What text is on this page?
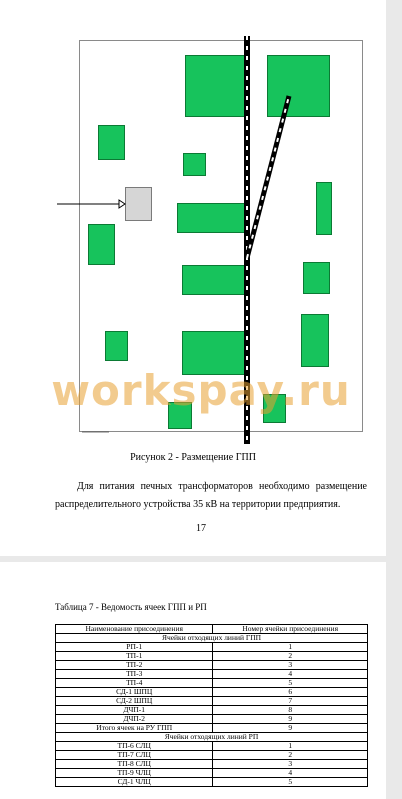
workspay.ru
Рисунок 2 - Размещение ГПП
Для питания печных трансформаторов необходимо размещение распределительного устройства 35 кВ на территории предприятия.
17
Таблица 7 - Ведомость ячеек ГПП и РП
Наименование присоединения	Номер ячейки присоединения
Ячейки отходящих линий ГПП	
РП-1	1
ТП-1	2
ТП-2	3
ТП-3	4
ТП-4	5
СД-1 ШПЦ	6
СД-2 ШПЦ	7
ДЧП-1	8
ДЧП-2	9
Итого ячеек на РУ ГПП	9
Ячейки отходящих линий РП	
ТП-6 СЛЦ	1
ТП-7 СЛЦ	2
ТП-8 СЛЦ	3
ТП-9 ЧЛЦ	4
СД-1 ЧЛЦ	5
